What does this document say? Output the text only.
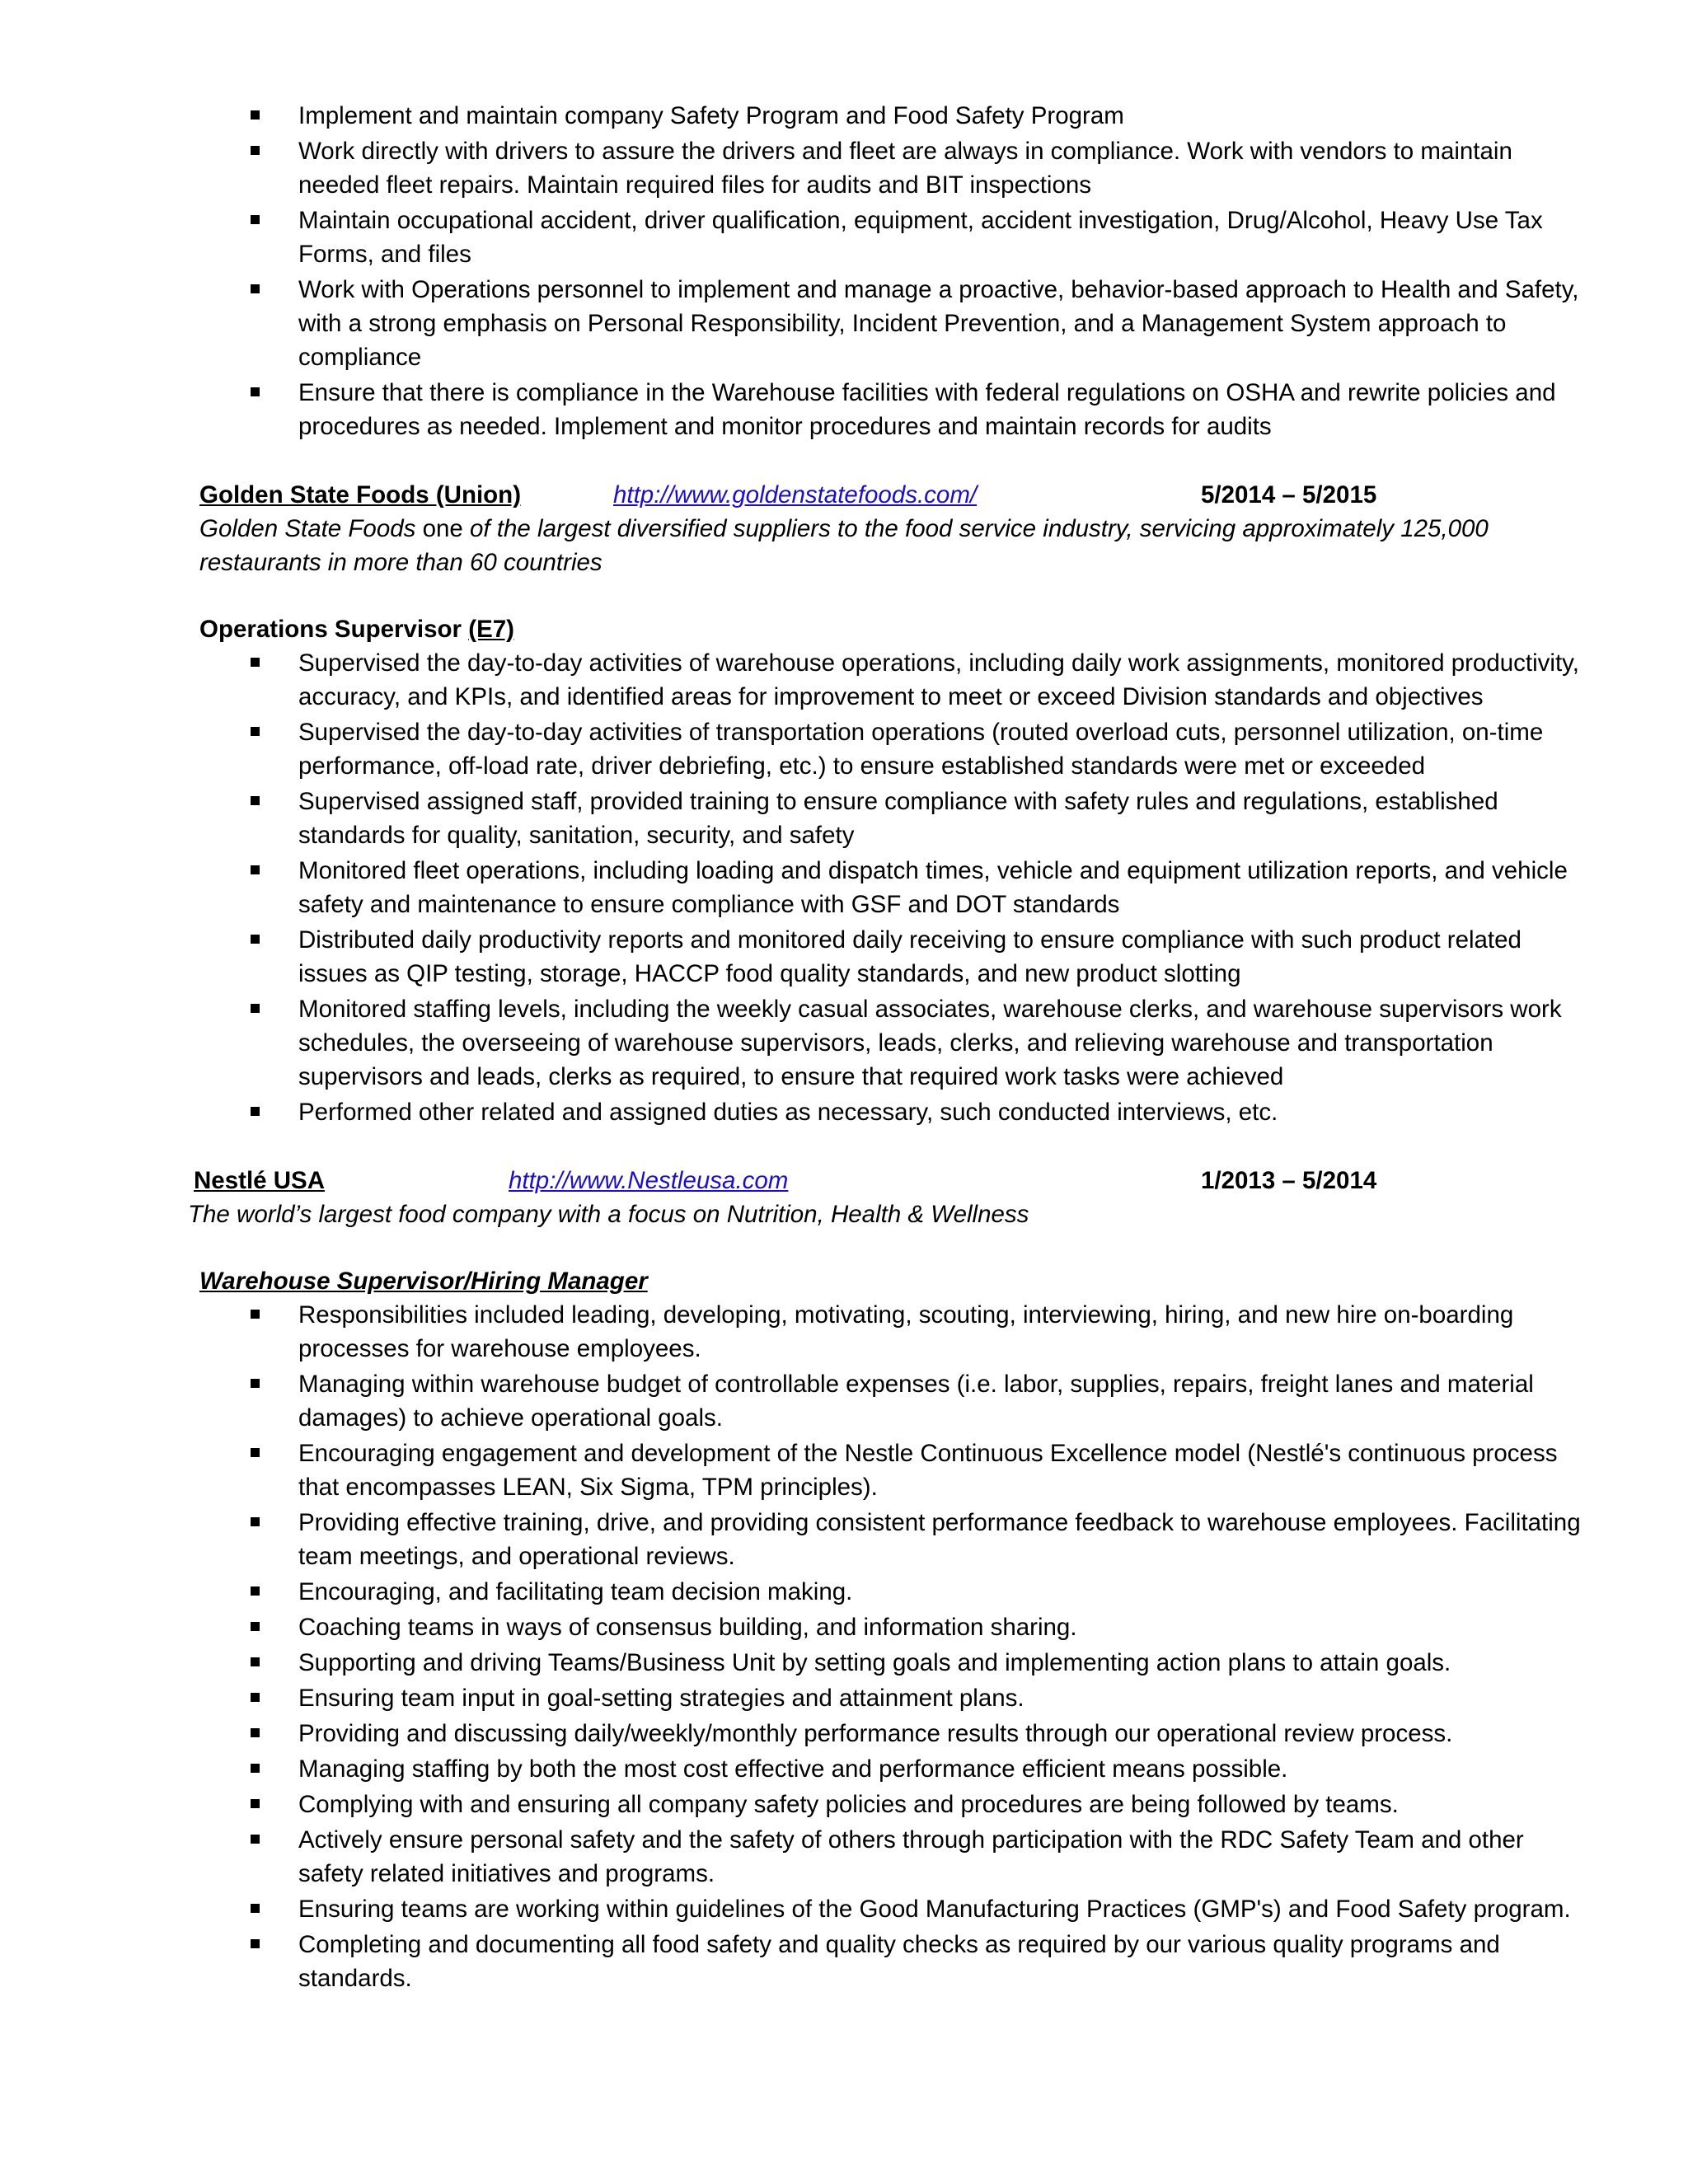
Implement and maintain company Safety Program and Food Safety Program
Work directly with drivers to assure the drivers and fleet are always in compliance. Work with vendors to maintain needed fleet repairs. Maintain required files for audits and BIT inspections
Maintain occupational accident, driver qualification, equipment, accident investigation, Drug/Alcohol, Heavy Use Tax Forms, and files
Work with Operations personnel to implement and manage a proactive, behavior-based approach to Health and Safety, with a strong emphasis on Personal Responsibility, Incident Prevention, and a Management System approach to compliance
Ensure that there is compliance in the Warehouse facilities with federal regulations on OSHA and rewrite policies and procedures as needed. Implement and monitor procedures and maintain records for audits
Golden State Foods (Union)	http://www.goldenstatefoods.com/	5/2014 – 5/2015
Golden State Foods one of the largest diversified suppliers to the food service industry, servicing approximately 125,000 restaurants in more than 60 countries
Operations Supervisor (E7)
Supervised the day-to-day activities of warehouse operations, including daily work assignments, monitored productivity, accuracy, and KPIs, and identified areas for improvement to meet or exceed Division standards and objectives
Supervised the day-to-day activities of transportation operations (routed overload cuts, personnel utilization, on-time performance, off-load rate, driver debriefing, etc.) to ensure established standards were met or exceeded
Supervised assigned staff, provided training to ensure compliance with safety rules and regulations, established standards for quality, sanitation, security, and safety
Monitored fleet operations, including loading and dispatch times, vehicle and equipment utilization reports, and vehicle safety and maintenance to ensure compliance with GSF and DOT standards
Distributed daily productivity reports and monitored daily receiving to ensure compliance with such product related issues as QIP testing, storage, HACCP food quality standards, and new product slotting
Monitored staffing levels, including the weekly casual associates, warehouse clerks, and warehouse supervisors work schedules, the overseeing of warehouse supervisors, leads, clerks, and relieving warehouse and transportation supervisors and leads, clerks as required, to ensure that required work tasks were achieved
Performed other related and assigned duties as necessary, such conducted interviews, etc.
Nestlé USA	http://www.Nestleusa.com	1/2013 – 5/2014
The world’s largest food company with a focus on Nutrition, Health & Wellness
Warehouse Supervisor/Hiring Manager
Responsibilities included leading, developing, motivating, scouting, interviewing, hiring, and new hire on-boarding processes for warehouse employees.
Managing within warehouse budget of controllable expenses (i.e. labor, supplies, repairs, freight lanes and material damages) to achieve operational goals.
Encouraging engagement and development of the Nestle Continuous Excellence model (Nestlé's continuous process that encompasses LEAN, Six Sigma, TPM principles).
Providing effective training, drive, and providing consistent performance feedback to warehouse employees. Facilitating team meetings, and operational reviews.
Encouraging, and facilitating team decision making.
Coaching teams in ways of consensus building, and information sharing.
Supporting and driving Teams/Business Unit by setting goals and implementing action plans to attain goals.
Ensuring team input in goal-setting strategies and attainment plans.
Providing and discussing daily/weekly/monthly performance results through our operational review process.
Managing staffing by both the most cost effective and performance efficient means possible.
Complying with and ensuring all company safety policies and procedures are being followed by teams.
Actively ensure personal safety and the safety of others through participation with the RDC Safety Team and other safety related initiatives and programs.
Ensuring teams are working within guidelines of the Good Manufacturing Practices (GMP's) and Food Safety program.
Completing and documenting all food safety and quality checks as required by our various quality programs and standards.
